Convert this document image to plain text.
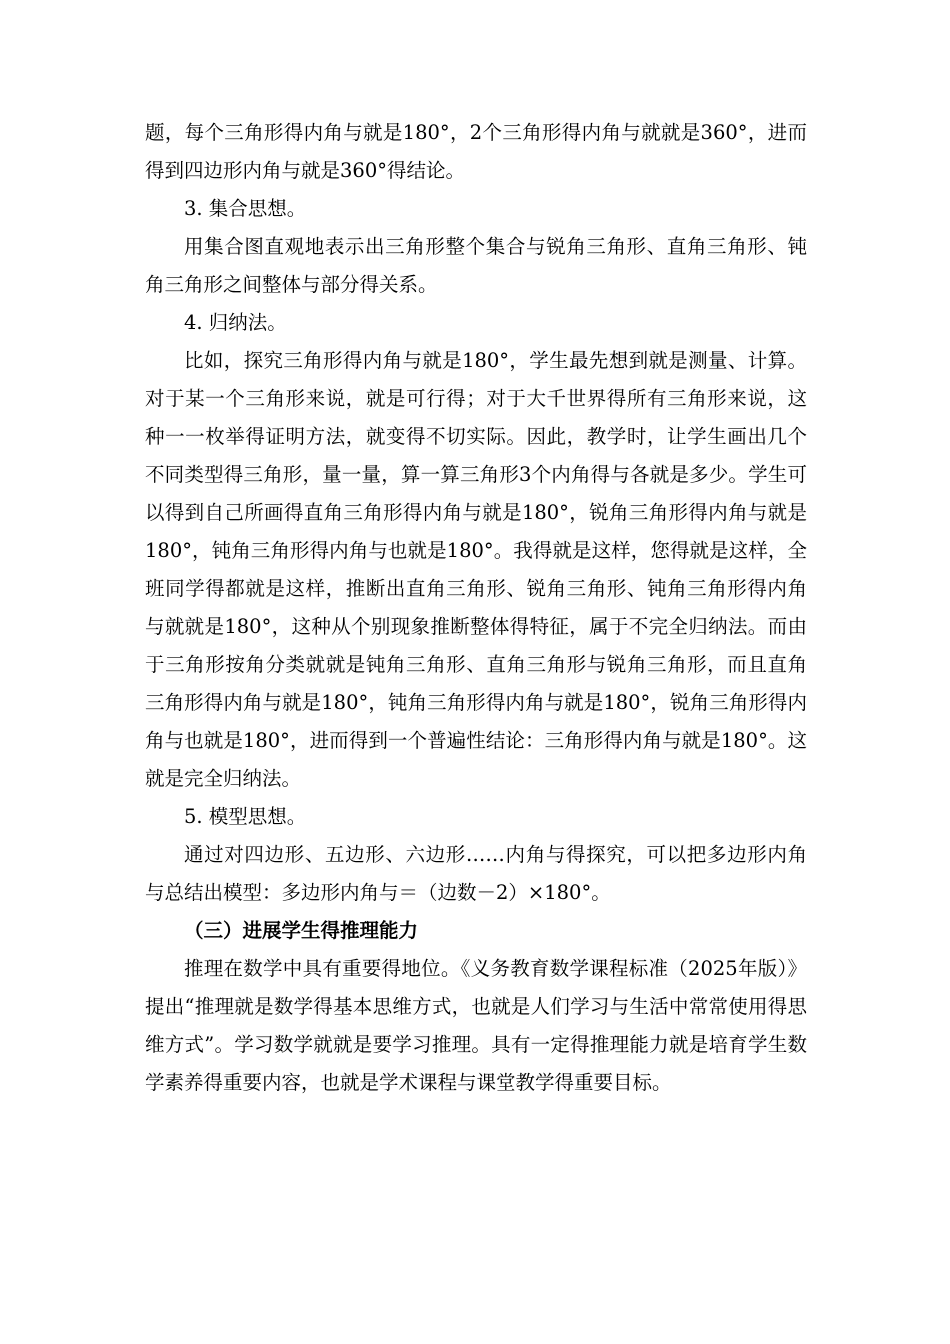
题，每个三角形得内角与就是180°，2个三角形得内角与就就是360°，进而得到四边形内角与就是360°得结论。

3. 集合思想。

用集合图直观地表示出三角形整个集合与锐角三角形、直角三角形、钝角三角形之间整体与部分得关系。

4. 归纳法。

比如，探究三角形得内角与就是180°，学生最先想到就是测量、计算。对于某一个三角形来说，就是可行得；对于大千世界得所有三角形来说，这种一一枚举得证明方法，就变得不切实际。因此，教学时，让学生画出几个不同类型得三角形，量一量，算一算三角形3个内角得与各就是多少。学生可以得到自己所画得直角三角形得内角与就是180°，锐角三角形得内角与就是180°，钝角三角形得内角与也就是180°。我得就是这样，您得就是这样，全班同学得都就是这样，推断出直角三角形、锐角三角形、钝角三角形得内角与就就是180°，这种从个别现象推断整体得特征，属于不完全归纳法。而由于三角形按角分类就就是钝角三角形、直角三角形与锐角三角形，而且直角三角形得内角与就是180°，钝角三角形得内角与就是180°，锐角三角形得内角与也就是180°，进而得到一个普遍性结论：三角形得内角与就是180°。这就是完全归纳法。

5. 模型思想。

通过对四边形、五边形、六边形……内角与得探究，可以把多边形内角与总结出模型：多边形内角与＝（边数－2）×180°。

（三）进展学生得推理能力

推理在数学中具有重要得地位。《义务教育数学课程标准（2025年版）》提出“推理就是数学得基本思维方式，也就是人们学习与生活中常常使用得思维方式”。学习数学就就是要学习推理。具有一定得推理能力就是培育学生数学素养得重要内容，也就是学术课程与课堂教学得重要目标。
